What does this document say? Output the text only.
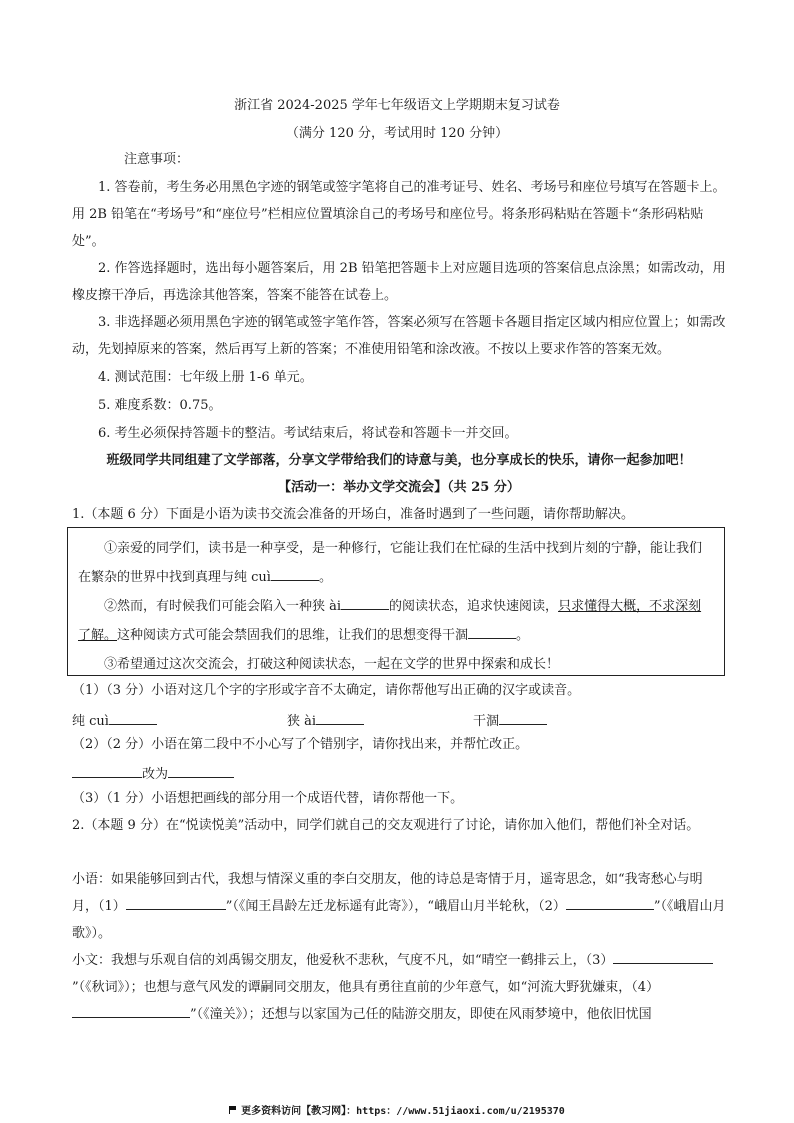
浙江省 2024-2025 学年七年级语文上学期期末复习试卷
（满分 120 分，考试用时 120 分钟）
注意事项：
1. 答卷前，考生务必用黑色字迹的钢笔或签字笔将自己的准考证号、姓名、考场号和座位号填写在答题卡上。用 2B 铅笔在“考场号”和“座位号”栏相应位置填涂自己的考场号和座位号。将条形码粘贴在答题卡“条形码粘贴处”。
2. 作答选择题时，选出每小题答案后，用 2B 铅笔把答题卡上对应题目选项的答案信息点涂黑；如需改动，用橡皮擦干净后，再选涂其他答案，答案不能答在试卷上。
3. 非选择题必须用黑色字迹的钢笔或签字笔作答，答案必须写在答题卡各题目指定区域内相应位置上；如需改动，先划掉原来的答案，然后再写上新的答案；不准使用铅笔和涂改液。不按以上要求作答的答案无效。
4. 测试范围：七年级上册 1-6 单元。
5. 难度系数：0.75。
6. 考生必须保持答题卡的整洁。考试结束后，将试卷和答题卡一并交回。
班级同学共同组建了文学部落，分享文学带给我们的诗意与美，也分享成长的快乐，请你一起参加吧！
【活动一：举办文学交流会】（共 25 分）
1.（本题 6 分）下面是小语为读书交流会准备的开场白，准备时遇到了一些问题，请你帮助解决。
①亲爱的同学们，读书是一种享受，是一种修行，它能让我们在忙碌的生活中找到片刻的宁静，能让我们在繁杂的世界中找到真理与纯 cuì	。
②然而，有时候我们可能会陷入一种狭 ài	的阅读状态，追求快速阅读，只求懂得大概，不求深刻了解。这种阅读方式可能会禁固我们的思维，让我们的思想变得干涸	。
③希望通过这次交流会，打破这种阅读状态，一起在文学的世界中探索和成长！
（1）（3 分）小语对这几个字的字形或字音不太确定，请你帮他写出正确的汉字或读音。
纯 cuì	狭 ài	干涸
（2）（2 分）小语在第二段中不小心写了个错别字，请你找出来，并帮忙改正。
改为
（3）（1 分）小语想把画线的部分用一个成语代替，请你帮他一下。
2.（本题 9 分）在“悦读悦美”活动中，同学们就自己的交友观进行了讨论，请你加入他们，帮他们补全对话。
小语：如果能够回到古代，我想与情深义重的李白交朋友，他的诗总是寄情于月，遥寄思念，如“我寄愁心与明月，（1）	”（《闻王昌龄左迁龙标遥有此寄》），“峨眉山月半轮秋，（2）	”（《峨眉山月歌》）。
小文：我想与乐观自信的刘禹锡交朋友，他爱秋不悲秋，气度不凡，如“晴空一鹤排云上，（3）”（《秋词》）；也想与意气风发的谭嗣同交朋友，他具有勇往直前的少年意气，如“河流大野犹嫌束，（4）”（《潼关》）；还想与以家国为己任的陆游交朋友，即使在风雨梦境中，他依旧忧国
更多资料访问【教习网】：https：//www.51jiaoxi.com/u/2195370
